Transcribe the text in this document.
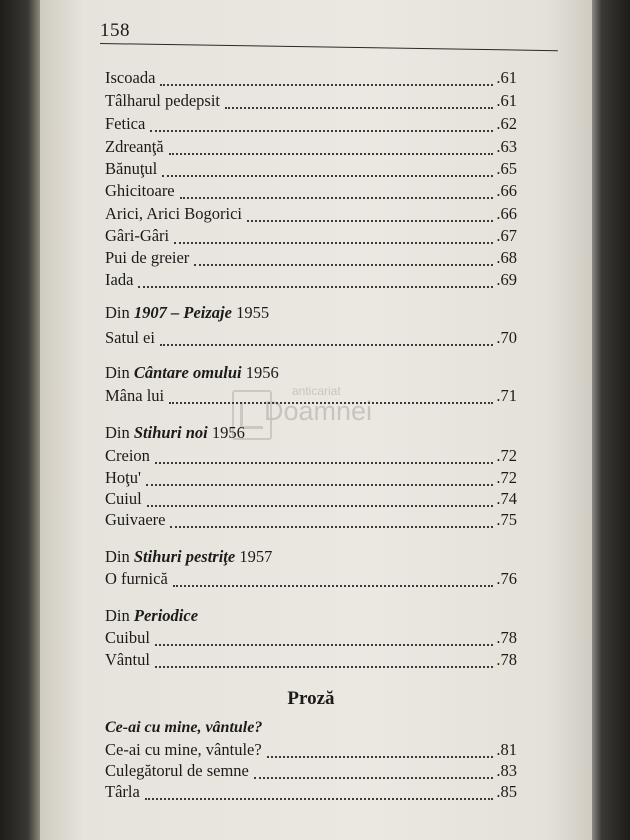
158
anticariat
Doamnei
Iscoada	.61
Tâlharul pedepsit	.61
Fetica	.62
Zdreanţă	.63
Bănuţul	.65
Ghicitoare	.66
Arici, Arici Bogorici	.66
Gâri-Gâri	.67
Pui de greier	.68
Iada	.69
Din 1907 – Peizaje 1955
Satul ei	.70
Din Cântare omului 1956
Mâna lui	.71
Din Stihuri noi 1956
Creion	.72
Hoţu'	.72
Cuiul	.74
Guivaere	.75
Din Stihuri pestriţe 1957
O furnică	.76
Din Periodice
Cuibul	.78
Vântul	.78
Proză
Ce-ai cu mine, vântule?
Ce-ai cu mine, vântule?	.81
Culegătorul de semne	.83
Târla	.85
